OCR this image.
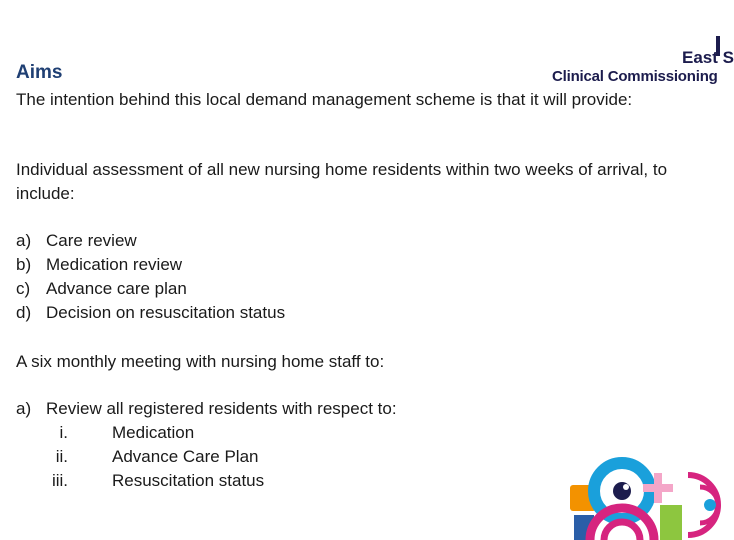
East S
Clinical Commissioning
Aims
The intention behind this local demand management scheme is that it will provide:
Individual assessment of all new nursing home residents within two weeks of arrival, to include:
a) Care review
b) Medication review
c) Advance care plan
d) Decision on resuscitation status
A six monthly meeting with nursing home staff to:
a) Review all registered residents with respect to:
i.	Medication
ii.	Advance Care Plan
iii.	Resuscitation status
